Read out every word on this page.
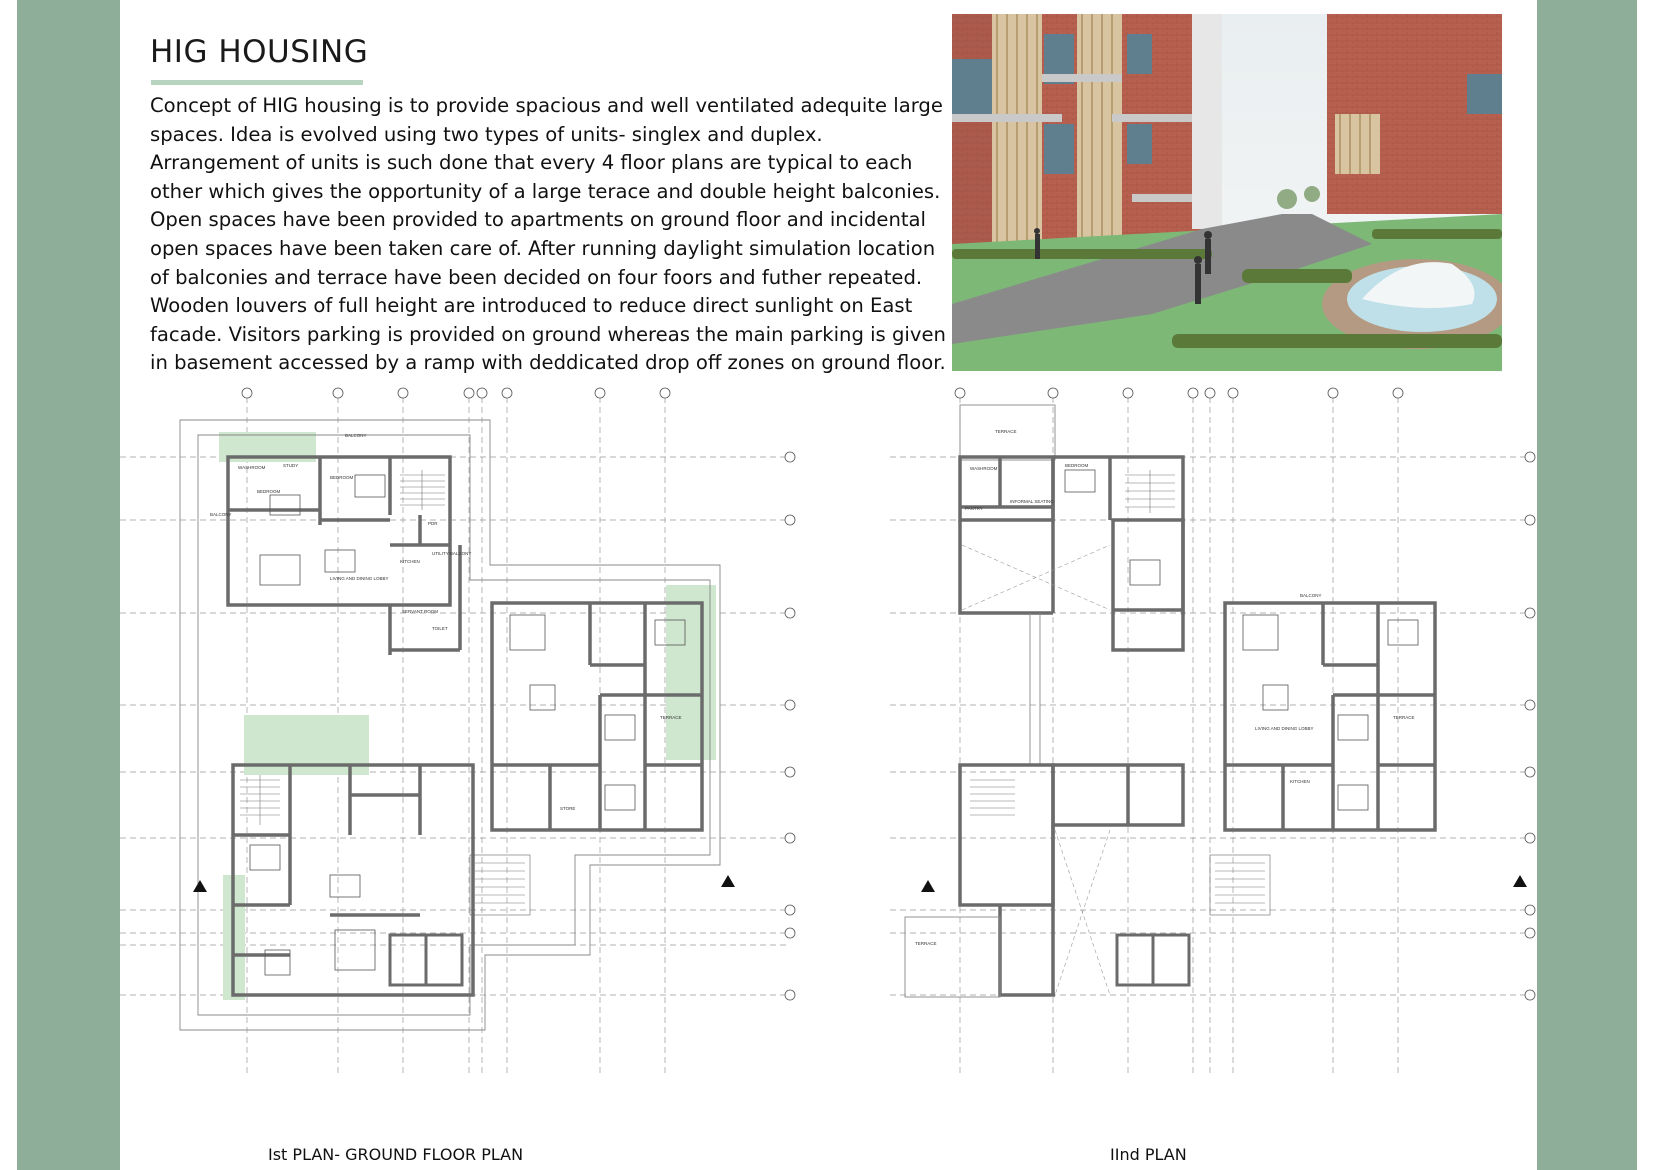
HIG HOUSING
Concept of HIG housing is to provide spacious and well ventilated adequite large spaces. Idea is evolved using two types of units- singlex and duplex. Arrangement of units is such done that every 4 floor plans are typical to each other which gives the opportunity of a large terace and double height balconies. Open spaces have been provided to apartments on ground floor and incidental open spaces have been taken care of. After running daylight simulation location of balconies and terrace have been decided on four foors and futher repeated. Wooden louvers of full height are introduced to reduce direct sunlight on East facade. Visitors parking is provided on ground whereas the main parking is given in basement accessed by a ramp with deddicated drop off zones on ground floor.
BALCONY
WASHROOM	STUDY
BEDROOM
BEDROOM
BALCONY
LIVING AND DINING LOBBY
KITCHEN
UTILITY BALCONY
PDR
SERVANT ROOM
TOILET
TERRACE
STORE
TERRACE
WASHROOM
BEDROOM
PANTRY
INFORMAL SEATING
BALCONY
LIVING AND DINING LOBBY
KITCHEN
TERRACE
TERRACE
Ist PLAN- GROUND FLOOR PLAN	IInd PLAN
